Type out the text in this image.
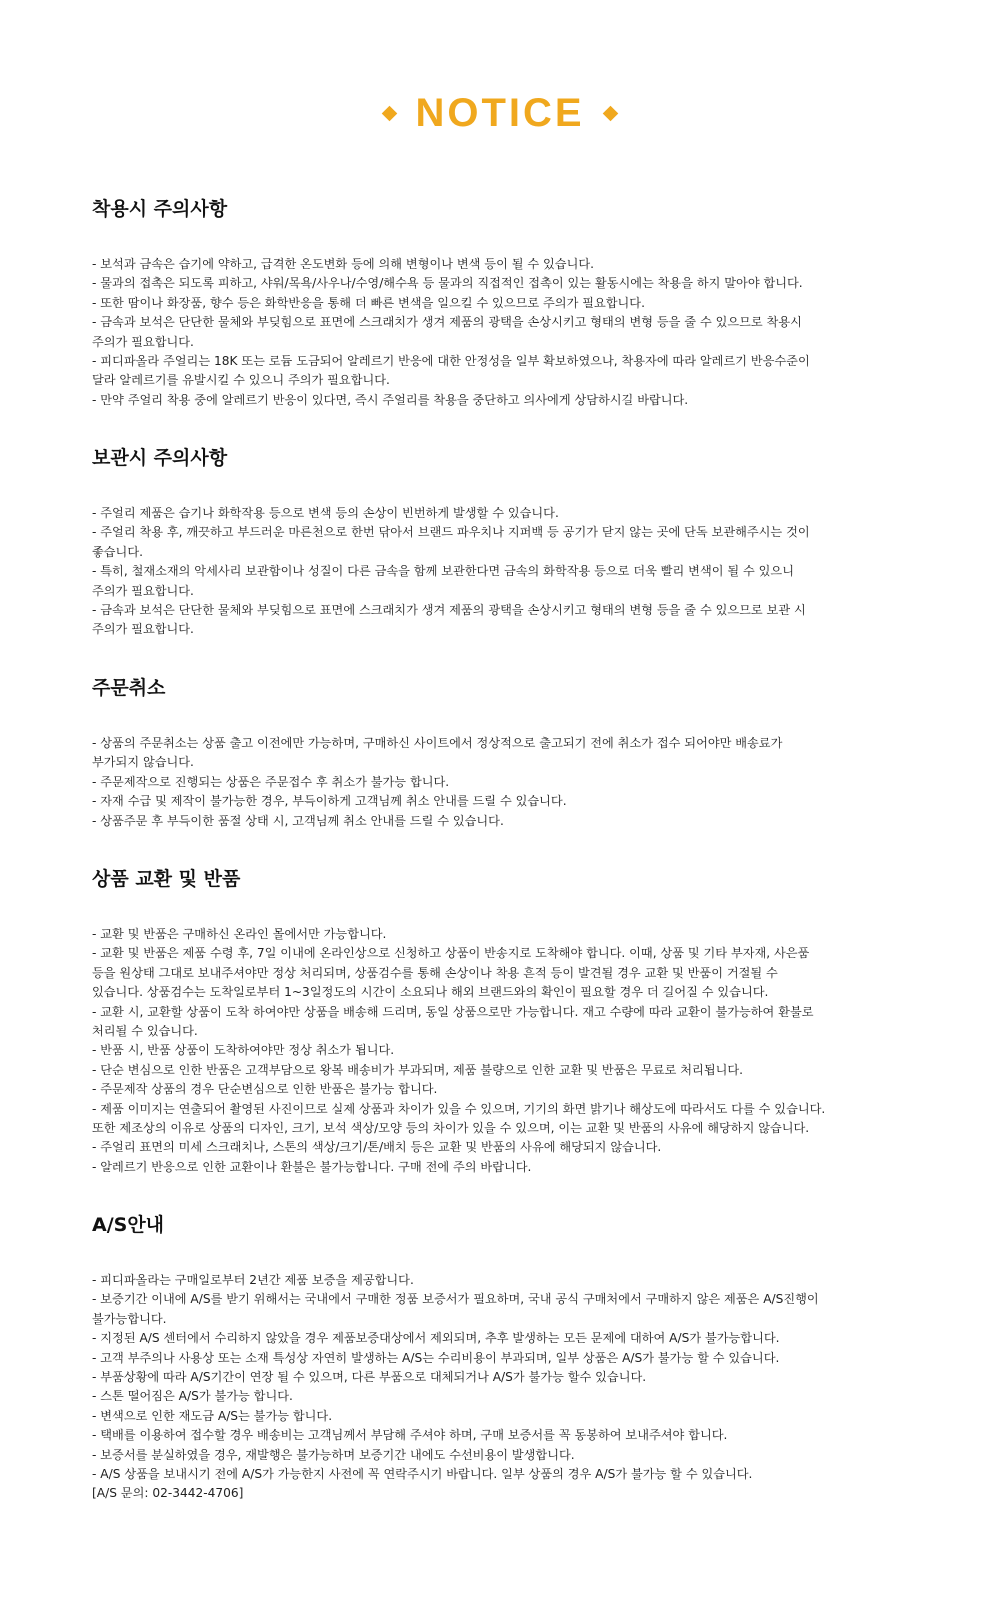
NOTICE
착용시 주의사항
- 보석과 금속은 습기에 약하고, 급격한 온도변화 등에 의해 변형이나 변색 등이 될 수 있습니다.
- 물과의 접촉은 되도록 피하고, 샤워/목욕/사우나/수영/해수욕 등 물과의 직접적인 접촉이 있는 활동시에는 착용을 하지 말아야 합니다.
- 또한 땀이나 화장품, 향수 등은 화학반응을 통해 더 빠른 변색을 일으킬 수 있으므로 주의가 필요합니다.
- 금속과 보석은 단단한 물체와 부딪힘으로 표면에 스크래치가 생겨 제품의 광택을 손상시키고 형태의 변형 등을 줄 수 있으므로 착용시
주의가 필요합니다.
- 피디파올라 주얼리는 18K 또는 로듐 도금되어 알레르기 반응에 대한 안정성을 일부 확보하였으나, 착용자에 따라 알레르기 반응수준이
달라 알레르기를 유발시킬 수 있으니 주의가 필요합니다.
- 만약 주얼리 착용 중에 알레르기 반응이 있다면, 즉시 주얼리를 착용을 중단하고 의사에게 상담하시길 바랍니다.
보관시 주의사항
- 주얼리 제품은 습기나 화학작용 등으로 변색 등의 손상이 빈번하게 발생할 수 있습니다.
- 주얼리 착용 후, 깨끗하고 부드러운 마른천으로 한번 닦아서 브랜드 파우치나 지퍼백 등 공기가 닫지 않는 곳에 단독 보관해주시는 것이
좋습니다.
- 특히, 철재소재의 악세사리 보관함이나 성질이 다른 금속을 함께 보관한다면 금속의 화학작용 등으로 더욱 빨리 변색이 될 수 있으니
주의가 필요합니다.
- 금속과 보석은 단단한 물체와 부딪힘으로 표면에 스크래치가 생겨 제품의 광택을 손상시키고 형태의 변형 등을 줄 수 있으므로 보관 시
주의가 필요합니다.
주문취소
- 상품의 주문취소는 상품 출고 이전에만 가능하며, 구매하신 사이트에서 정상적으로 출고되기 전에 취소가 접수 되어야만 배송료가
부가되지 않습니다.
- 주문제작으로 진행되는 상품은 주문접수 후 취소가 불가능 합니다.
- 자재 수급 및 제작이 불가능한 경우, 부득이하게 고객님께 취소 안내를 드릴 수 있습니다.
- 상품주문 후 부득이한 품절 상태 시, 고객님께 취소 안내를 드릴 수 있습니다.
상품 교환 및 반품
- 교환 및 반품은 구매하신 온라인 몰에서만 가능합니다.
- 교환 및 반품은 제품 수령 후, 7일 이내에 온라인상으로 신청하고 상품이 반송지로 도착해야 합니다. 이때, 상품 및 기타 부자재, 사은품
등을 원상태 그대로 보내주셔야만 정상 처리되며, 상품검수를 통해 손상이나 착용 흔적 등이 발견될 경우 교환 및 반품이 거절될 수
있습니다. 상품검수는 도착일로부터 1~3일정도의 시간이 소요되나 해외 브랜드와의 확인이 필요할 경우 더 길어질 수 있습니다.
- 교환 시, 교환할 상품이 도착 하여야만 상품을 배송해 드리며, 동일 상품으로만 가능합니다. 재고 수량에 따라 교환이 불가능하여 환불로
처리될 수 있습니다.
- 반품 시, 반품 상품이 도착하여야만 정상 취소가 됩니다.
- 단순 변심으로 인한 반품은 고객부담으로 왕복 배송비가 부과되며, 제품 불량으로 인한 교환 및 반품은 무료로 처리됩니다.
- 주문제작 상품의 경우 단순변심으로 인한 반품은 불가능 합니다.
- 제품 이미지는 연출되어 촬영된 사진이므로 실제 상품과 차이가 있을 수 있으며, 기기의 화면 밝기나 해상도에 따라서도 다를 수 있습니다.
또한 제조상의 이유로 상품의 디자인, 크기, 보석 색상/모양 등의 차이가 있을 수 있으며, 이는 교환 및 반품의 사유에 해당하지 않습니다.
- 주얼리 표면의 미세 스크래치나, 스톤의 색상/크기/톤/배치 등은 교환 및 반품의 사유에 해당되지 않습니다.
- 알레르기 반응으로 인한 교환이나 환불은 불가능합니다. 구매 전에 주의 바랍니다.
A/S안내
- 피디파올라는 구매일로부터 2년간 제품 보증을 제공합니다.
- 보증기간 이내에 A/S를 받기 위해서는 국내에서 구매한 정품 보증서가 필요하며, 국내 공식 구매처에서 구매하지 않은 제품은 A/S진행이
불가능합니다.
- 지정된 A/S 센터에서 수리하지 않았을 경우 제품보증대상에서 제외되며, 추후 발생하는 모든 문제에 대하여 A/S가 불가능합니다.
- 고객 부주의나 사용상 또는 소재 특성상 자연히 발생하는 A/S는 수리비용이 부과되며, 일부 상품은 A/S가 불가능 할 수 있습니다.
- 부품상황에 따라 A/S기간이 연장 될 수 있으며, 다른 부품으로 대체되거나 A/S가 불가능 할수 있습니다.
- 스톤 떨어짐은 A/S가 불가능 합니다.
- 변색으로 인한 재도금 A/S는 불가능 합니다.
- 택배를 이용하여 접수할 경우 배송비는 고객님께서 부담해 주셔야 하며, 구매 보증서를 꼭 동봉하여 보내주셔야 합니다.
- 보증서를 분실하였을 경우, 재발행은 불가능하며 보증기간 내에도 수선비용이 발생합니다.
- A/S 상품을 보내시기 전에 A/S가 가능한지 사전에 꼭 연락주시기 바랍니다. 일부 상품의 경우 A/S가 불가능 할 수 있습니다.
[A/S 문의: 02-3442-4706]
